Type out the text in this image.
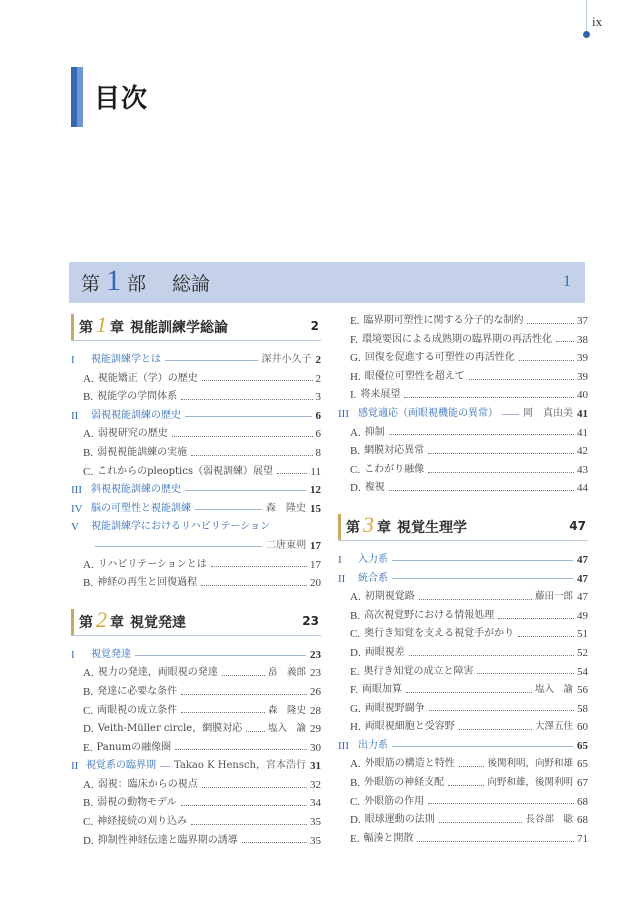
ix
目次
第 1 部 総論	1
第 1 章 視能訓練学総論	2
I	視能訓練学とは	深井小久子 2
A. 視能矯正（学）の歴史	2
B. 視能学の学問体系	3
II	弱視視能訓練の歴史	6
A. 弱視研究の歴史	6
B. 弱視視能訓練の実施	8
C. これからのpleoptics（弱視訓練）展望	11
III 斜視視能訓練の歴史	12
IV 脳の可塑性と視能訓練	森　隆史 15
V	視能訓練学におけるリハビリテーション
二唐東朔 17
A. リハビリテーションとは	17
B. 神経の再生と回復過程	20
第 2 章 視覚発達	23
I	視覚発達	23
A. 視力の発達，両眼視の発達	畠　義郎 23
B. 発達に必要な条件	26
C. 両眼視の成立条件	森　隆史 28
D. Veith-Müller circle，網膜対応	塩入　諭 29
E. Panumの融像圏	30
II 視覚系の臨界期 Takao K Hensch，宮本浩行 31
A. 弱視：臨床からの視点	32
B. 弱視の動物モデル	34
C. 神経接続の刈り込み	35
D. 抑制性神経伝達と臨界期の誘導	35
E. 臨界期可塑性に関する分子的な制約	37
F. 環境要因による成熟期の臨界期の再活性化 38
G. 回復を促進する可塑性の再活性化	39
H. 眼優位可塑性を超えて	39
I. 将来展望	40
III 感覚適応（両眼視機能の異常）	岡　真由美 41
A. 抑制	41
B. 網膜対応異常	42
C. こわがり融像	43
D. 複視	44
第 3 章 視覚生理学	47
I	入力系	47
II	統合系	47
A. 初期視覚路	藤田一郎 47
B. 高次視覚野における情報処理	49
C. 奥行き知覚を支える視覚手がかり	51
D. 両眼視差	52
E. 奥行き知覚の成立と障害	54
F. 両眼加算	塩入　諭 56
G. 両眼視野闘争	58
H. 両眼視細胞と受容野	大澤五住 60
III 出力系	65
A. 外眼筋の構造と特性	後関利明，向野和雄 65
B. 外眼筋の神経支配	向野和雄，後関利明 67
C. 外眼筋の作用	68
D. 眼球運動の法則	長谷部　聡 68
E. 輻湊と開散	71
